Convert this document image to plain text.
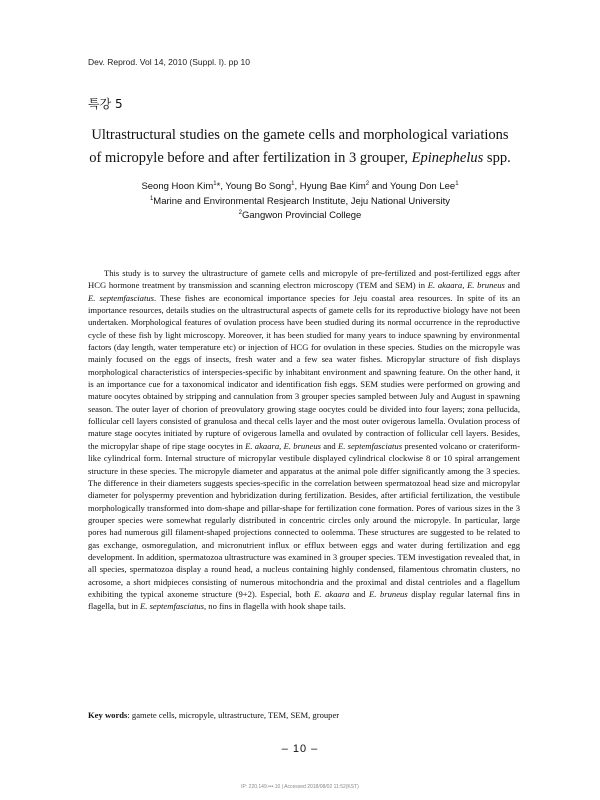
Dev. Reprod. Vol 14, 2010 (Suppl. I). pp 10
특강 5
Ultrastructural studies on the gamete cells and morphological variations
of micropyle before and after fertilization in 3 grouper, Epinephelus spp.
Seong Hoon Kim$^1$*, Young Bo Song$^1$, Hyung Bae Kim$^2$ and Young Don Lee$^1$
$^1$Marine and Environmental Resjearch Institute, Jeju National University
$^2$Gangwon Provincial College
This study is to survey the ultrastructure of gamete cells and micropyle of pre-fertilized and post-fertilized eggs after HCG hormone treatment by transmission and scanning electron microscopy (TEM and SEM) in E. akaara, E. bruneus and E. septemfasciatus. These fishes are economical importance species for Jeju coastal area resources. In spite of its an importance resources, details studies on the ultrastructural aspects of gamete cells for its reproductive biology have not been undertaken. Morphological features of ovulation process have been studied during its normal occurrence in the reproductive cycle of these fish by light microscopy. Moreover, it has been studied for many years to induce spawning by environmental factors (day length, water temperature etc) or injection of HCG for ovulation in these species. Studies on the micropyle was mainly focused on the eggs of insects, fresh water and a few sea water fishes. Micropylar structure of fish displays morphological characteristics of interspecies-specific by inhabitant environment and spawning feature. On the other hand, it is an importance cue for a taxonomical indicator and identification fish eggs. SEM studies were performed on growing and mature oocytes obtained by stripping and cannulation from 3 grouper species sampled between July and August in spawning season. The outer layer of chorion of preovulatory growing stage oocytes could be divided into four layers; zona pellucida, follicular cell layers consisted of granulosa and thecal cells layer and the most outer ovigerous lamella. Ovulation process of mature stage oocytes initiated by rupture of ovigerous lamella and ovulated by contraction of follicular cell layers. Besides, the micropylar shape of ripe stage oocytes in E. akaara, E. bruneus and E. septemfasciatus presented volcano or crateriform-like cylindrical form. Internal structure of micropylar vestibule displayed cylindrical clockwise 8 or 10 spiral arrangement structure in these species. The micropyle diameter and apparatus at the animal pole differ significantly among the 3 species. The difference in their diameters suggests species-specific in the correlation between spermatozoal head size and micropylar diameter for polyspermy prevention and hybridization during fertilization. Besides, after artificial fertilization, the vestibule morphologically transformed into dom-shape and pillar-shape for fertilization cone formation. Pores of various sizes in the 3 grouper species were somewhat regularly distributed in concentric circles only around the micropyle. In particular, large pores had numerous gill filament-shaped projections connected to oolemma. These structures are suggested to be related to gas exchange, osmoregulation, and micronutrient influx or efflux between eggs and water during fertilization and egg development. In addition, spermatozoa ultrastructure was examined in 3 grouper species. TEM investigation revealed that, in all species, spermatozoa display a round head, a nucleus containing highly condensed, filamentous chromatin clusters, no acrosome, a short midpieces consisting of numerous mitochondria and the proximal and distal centrioles and a flagellum exhibiting the typical axoneme structure (9+2). Especial, both E. akaara and E. bruneus display regular laternal fins in flagella, but in E. septemfasciatus, no fins in flagella with hook shape tails.
Key words: gamete cells, micropyle, ultrastructure, TEM, SEM, grouper
– 10 –
IP: 220.149.•••.10 | Accessed 2018/08/02 11:52(KST)
